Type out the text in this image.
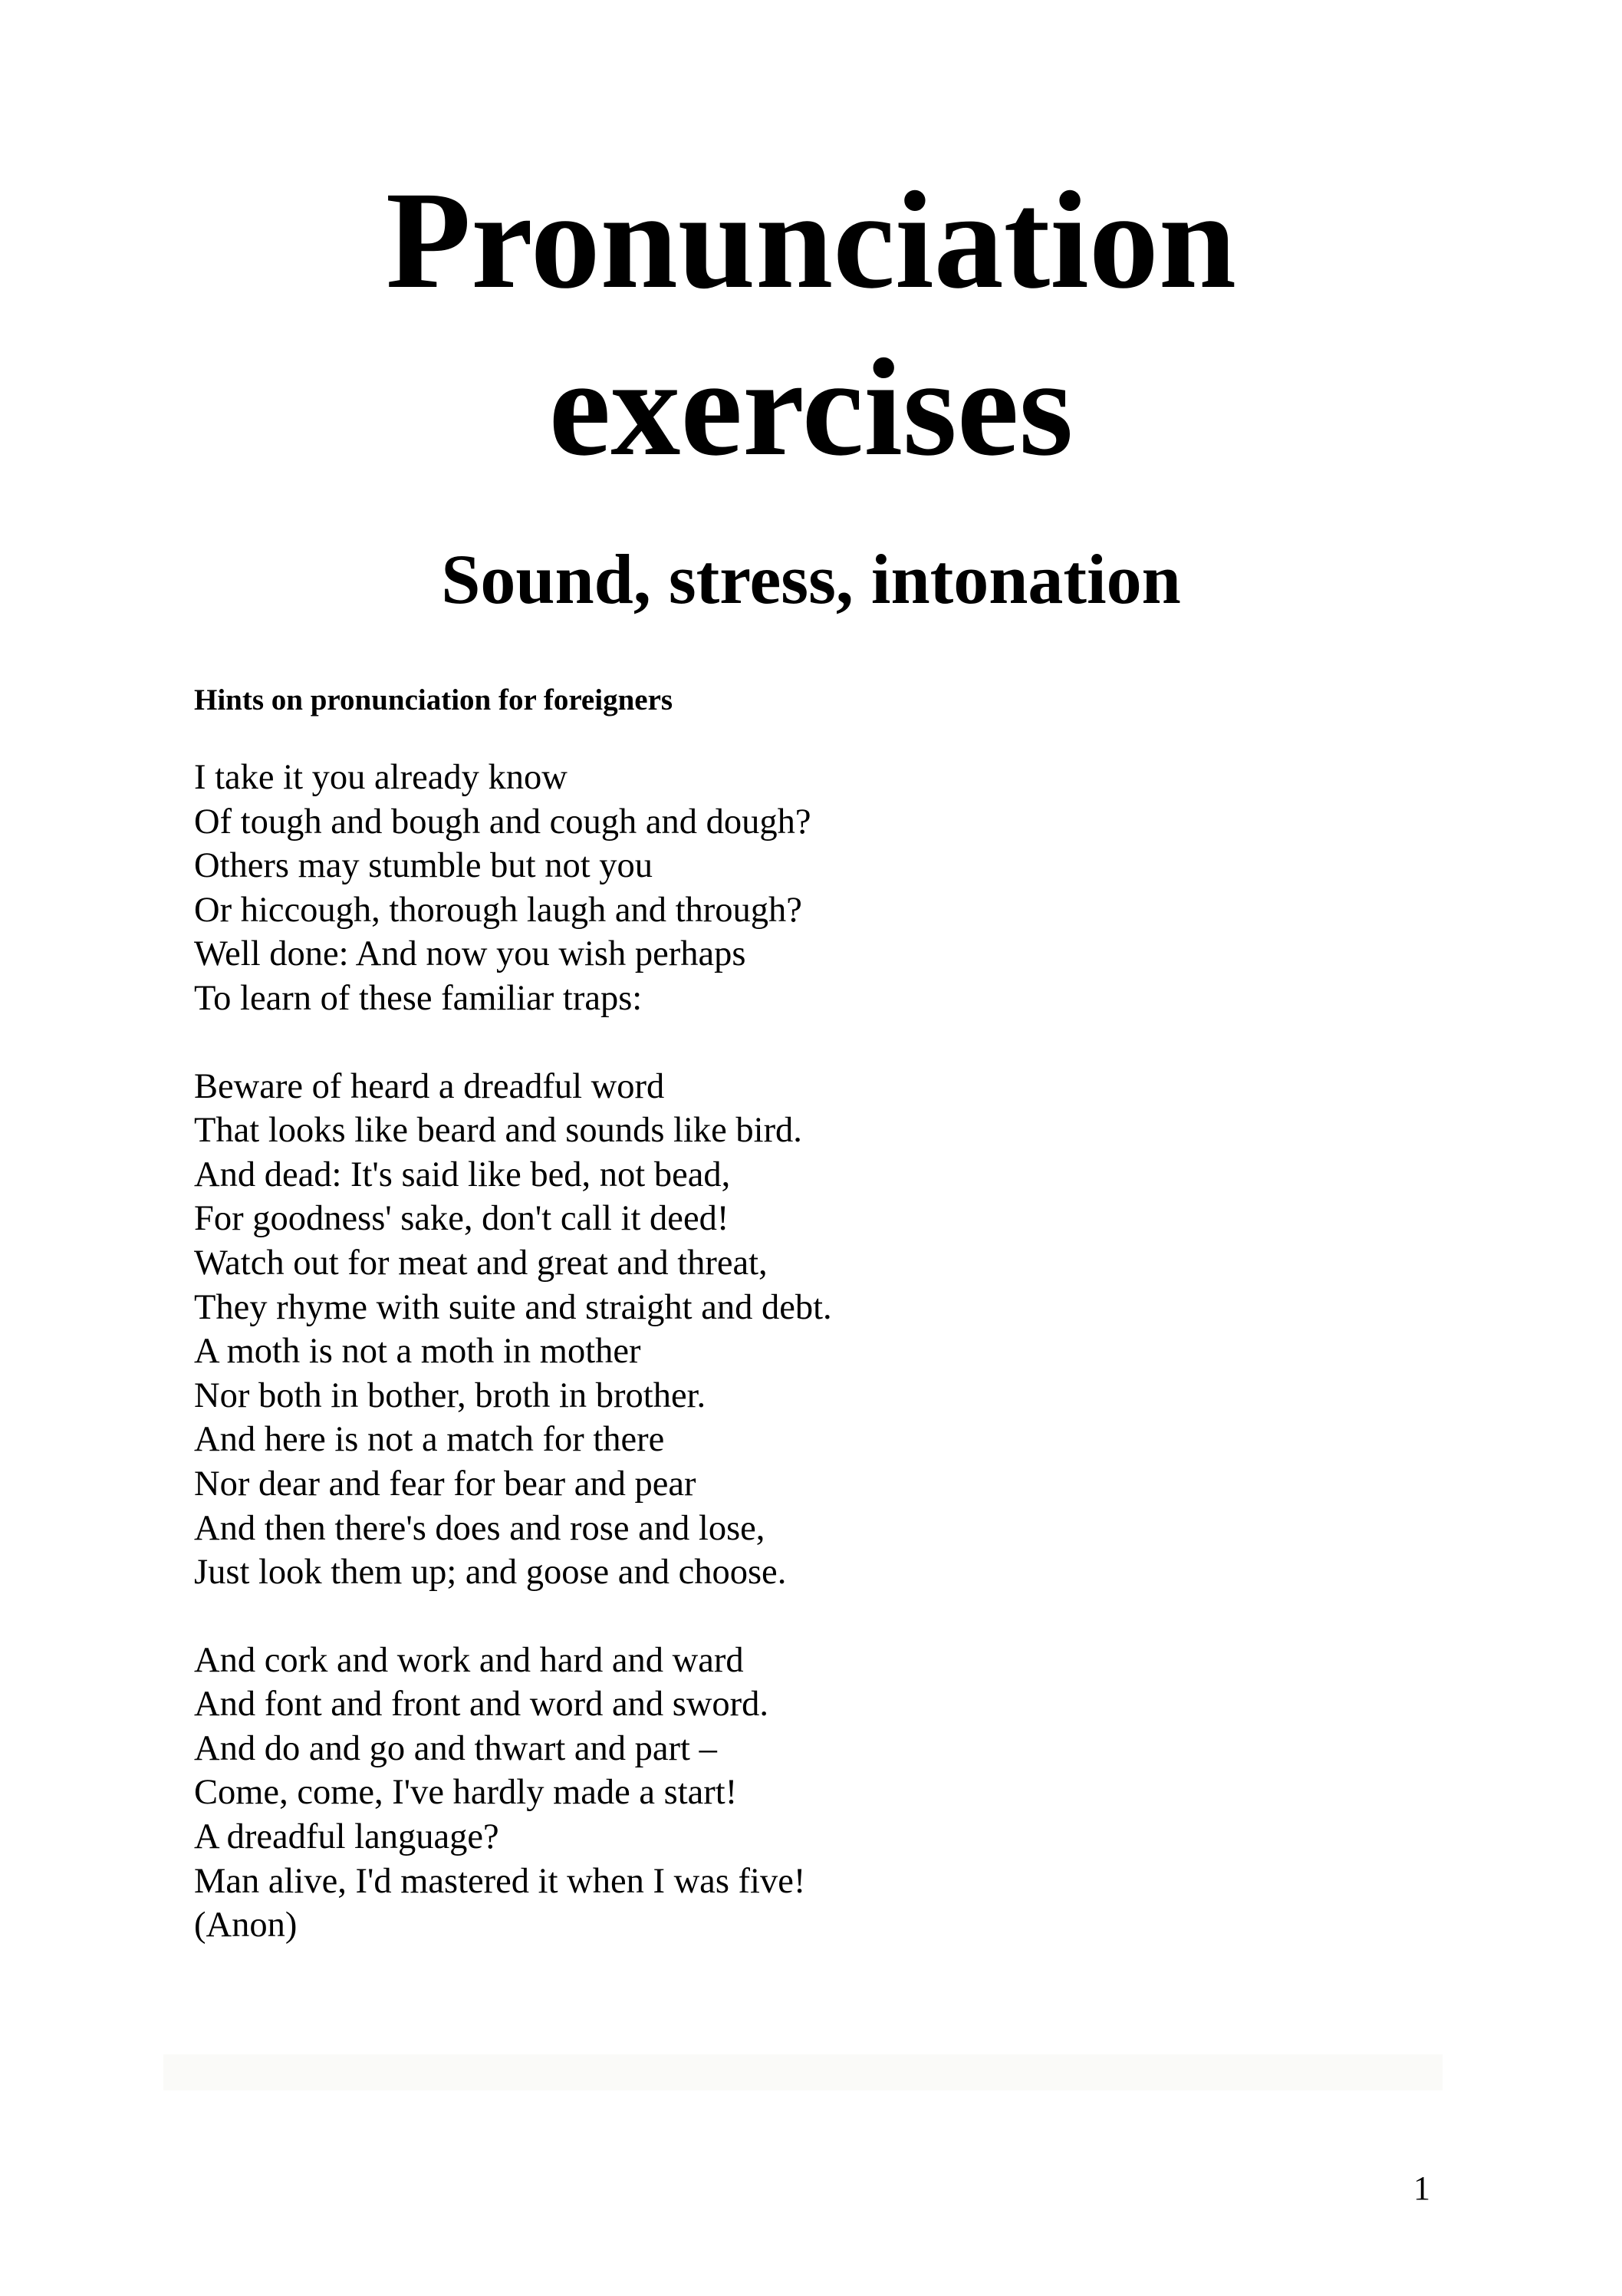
Pronunciation
exercises
Sound, stress, intonation
Hints on pronunciation for foreigners

I take it you already know
Of tough and bough and cough and dough?
Others may stumble but not you
Or hiccough, thorough laugh and through?
Well done: And now you wish perhaps
To learn of these familiar traps:

Beware of heard a dreadful word
That looks like beard and sounds like bird.
And dead: It's said like bed, not bead,
For goodness' sake, don't call it deed!
Watch out for meat and great and threat,
They rhyme with suite and straight and debt.
A moth is not a moth in mother
Nor both in bother, broth in brother.
And here is not a match for there
Nor dear and fear for bear and pear
And then there's does and rose and lose,
Just look them up; and goose and choose.

And cork and work and hard and ward
And font and front and word and sword.
And do and go and thwart and part –
Come, come, I've hardly made a start!
A dreadful language?
Man alive, I'd mastered it when I was five!
(Anon)

1
